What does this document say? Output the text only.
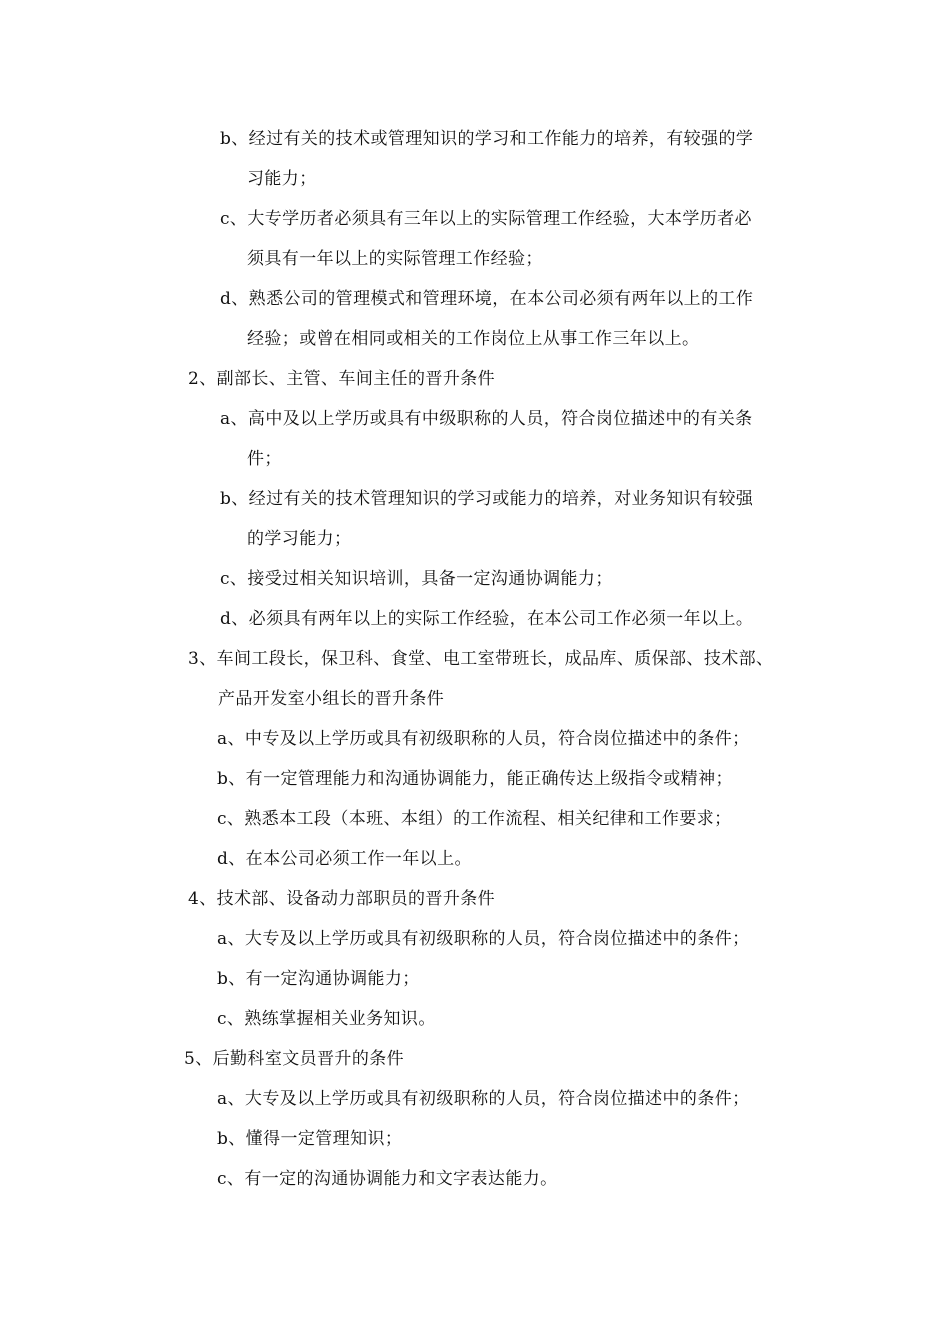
b、经过有关的技术或管理知识的学习和工作能力的培养，有较强的学
习能力；
c、大专学历者必须具有三年以上的实际管理工作经验，大本学历者必
须具有一年以上的实际管理工作经验；
d、熟悉公司的管理模式和管理环境，在本公司必须有两年以上的工作
经验；或曾在相同或相关的工作岗位上从事工作三年以上。
2、副部长、主管、车间主任的晋升条件
a、高中及以上学历或具有中级职称的人员，符合岗位描述中的有关条
件；
b、经过有关的技术管理知识的学习或能力的培养，对业务知识有较强
的学习能力；
c、接受过相关知识培训，具备一定沟通协调能力；
d、必须具有两年以上的实际工作经验，在本公司工作必须一年以上。
3、车间工段长，保卫科、食堂、电工室带班长，成品库、质保部、技术部、
产品开发室小组长的晋升条件
a、中专及以上学历或具有初级职称的人员，符合岗位描述中的条件；
b、有一定管理能力和沟通协调能力，能正确传达上级指令或精神；
c、熟悉本工段（本班、本组）的工作流程、相关纪律和工作要求；
d、在本公司必须工作一年以上。
4、技术部、设备动力部职员的晋升条件
a、大专及以上学历或具有初级职称的人员，符合岗位描述中的条件；
b、有一定沟通协调能力；
c、熟练掌握相关业务知识。
5、后勤科室文员晋升的条件
a、大专及以上学历或具有初级职称的人员，符合岗位描述中的条件；
b、懂得一定管理知识；
c、有一定的沟通协调能力和文字表达能力。
